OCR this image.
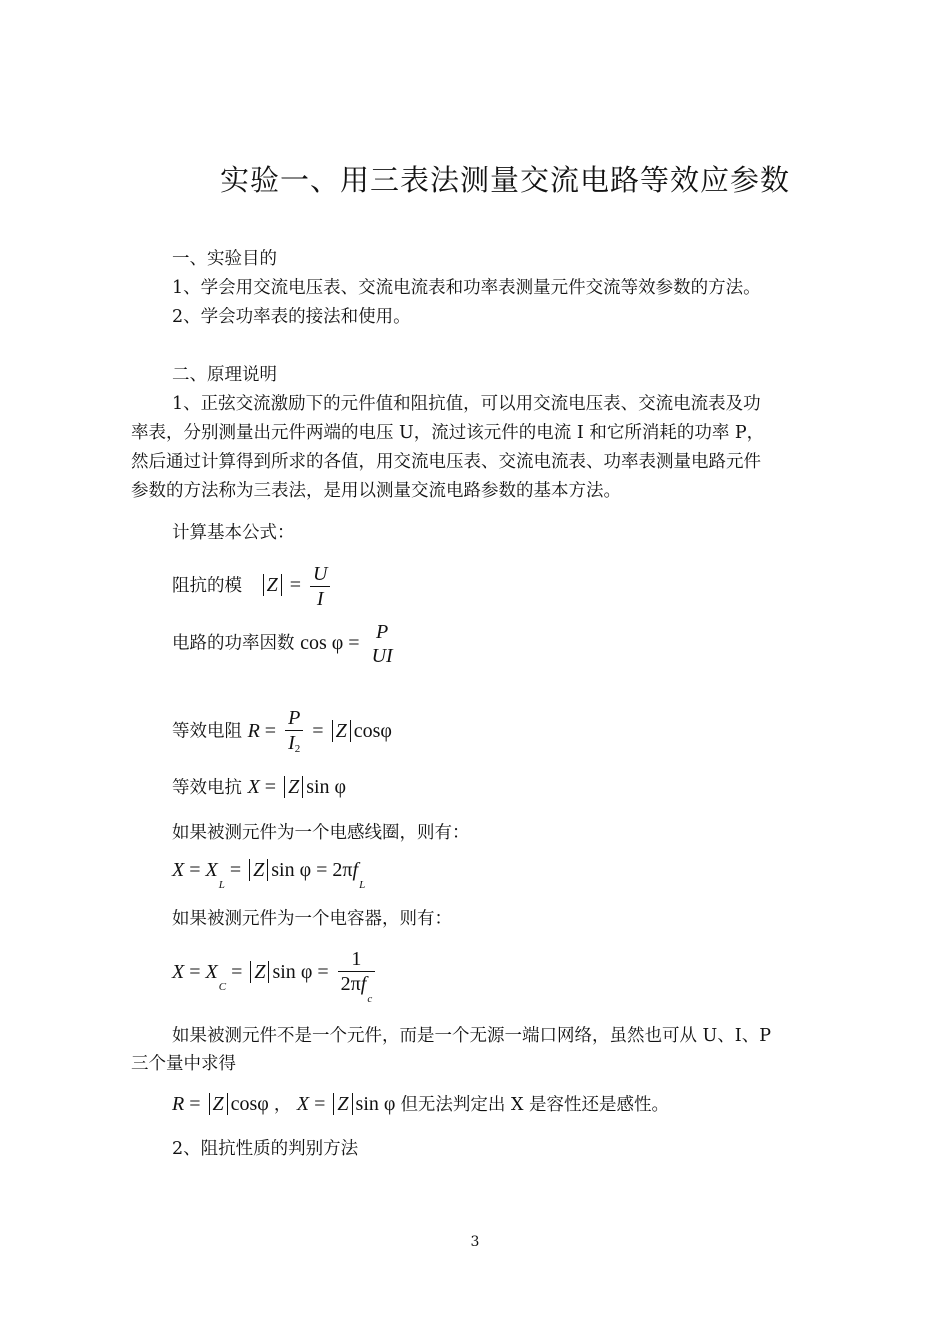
实验一、用三表法测量交流电路等效应参数
一、实验目的
1、学会用交流电压表、交流电流表和功率表测量元件交流等效参数的方法。
2、学会功率表的接法和使用。
二、原理说明
1、正弦交流激励下的元件值和阻抗值，可以用交流电压表、交流电流表及功
率表，分别测量出元件两端的电压 U，流过该元件的电流 I 和它所消耗的功率 P，
然后通过计算得到所求的各值，用交流电压表、交流电流表、功率表测量电路元件
参数的方法称为三表法，是用以测量交流电路参数的基本方法。
计算基本公式：
阻抗的模 $Z = \frac{U}{I}$
电路的功率因数 cos φ = P
UI
等效电阻 $R = \frac{P}{I2} = Z$ cosφ
等效电抗 X = Z sin φ
如果被测元件为一个电感线圈，则有：
$X = X_L = Z$ $\sin \varphi = 2\pi f_L$
如果被测元件为一个电容器，则有：
$X = X_C = Z$ $\sin \varphi = \frac{1}{2\pi f_c}$
如果被测元件不是一个元件，而是一个无源一端口网络，虽然也可从 U、I、P
三个量中求得
R = Z cosφ ， X = Z sin φ 但无法判定出 X 是容性还是感性。
2、阻抗性质的判别方法
3
